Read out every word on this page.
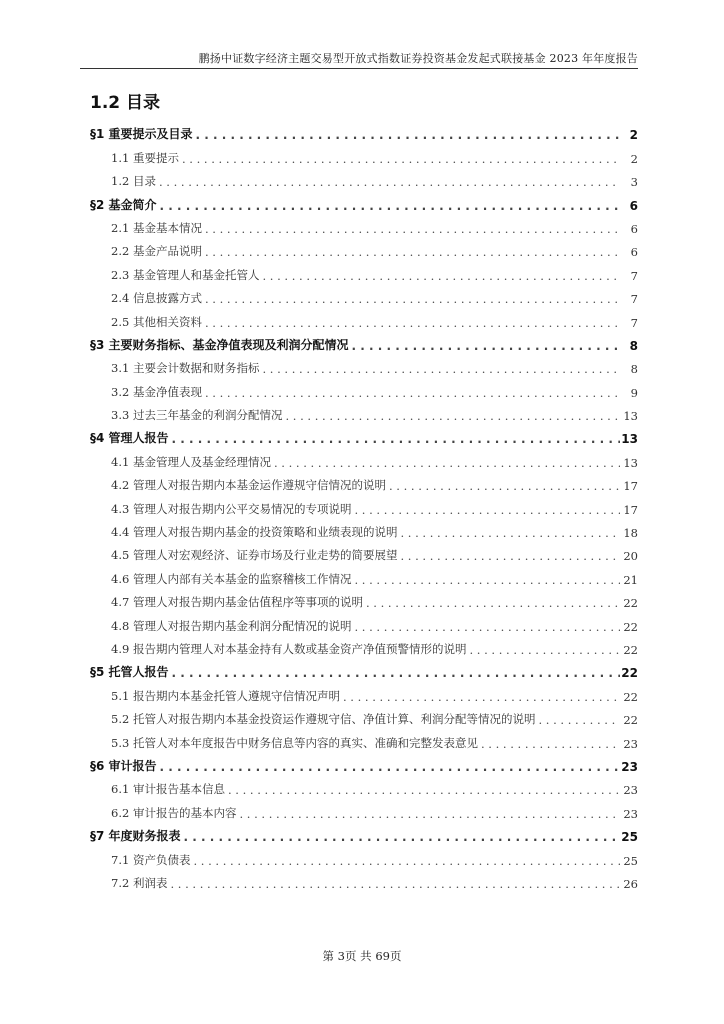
鹏扬中证数字经济主题交易型开放式指数证券投资基金发起式联接基金 2023 年年度报告
1.2 目录
§1 重要提示及目录 . . .	2
1.1 重要提示 . . .	2
1.2 目录 . . .	3
§2 基金简介 . . .	6
2.1 基金基本情况 . . .	6
2.2 基金产品说明 . . .	6
2.3 基金管理人和基金托管人 . . .	7
2.4 信息披露方式 . . .	7
2.5 其他相关资料 . . .	7
§3 主要财务指标、基金净值表现及利润分配情况 . . .	8
3.1 主要会计数据和财务指标 . . .	8
3.2 基金净值表现 . . .	9
3.3 过去三年基金的利润分配情况 . . .	13
§4 管理人报告 . . .	13
4.1 基金管理人及基金经理情况 . . .	13
4.2 管理人对报告期内本基金运作遵规守信情况的说明 . . .	17
4.3 管理人对报告期内公平交易情况的专项说明 . . .	17
4.4 管理人对报告期内基金的投资策略和业绩表现的说明 . . .	18
4.5 管理人对宏观经济、证券市场及行业走势的简要展望 . . .	20
4.6 管理人内部有关本基金的监察稽核工作情况 . . .	21
4.7 管理人对报告期内基金估值程序等事项的说明 . . .	22
4.8 管理人对报告期内基金利润分配情况的说明 . . .	22
4.9 报告期内管理人对本基金持有人数或基金资产净值预警情形的说明 . . .	22
§5 托管人报告 . . .	22
5.1 报告期内本基金托管人遵规守信情况声明 . . .	22
5.2 托管人对报告期内本基金投资运作遵规守信、净值计算、利润分配等情况的说明 . . .	22
5.3 托管人对本年度报告中财务信息等内容的真实、准确和完整发表意见 . . .	23
§6 审计报告 . . .	23
6.1 审计报告基本信息 . . .	23
6.2 审计报告的基本内容 . . .	23
§7 年度财务报表 . . .	25
7.1 资产负债表 . . .	25
7.2 利润表 . . .	26
第 3页 共 69页
